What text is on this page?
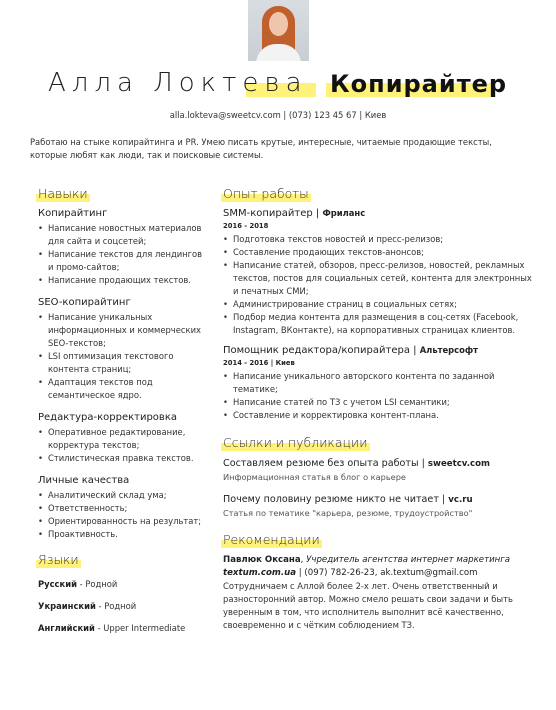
Алла Локтева Копирайтер
alla.lokteva@sweetcv.com | (073) 123 45 67 | Киев
Работаю на стыке копирайтинга и PR. Умею писать крутые, интересные, читаемые продающие тексты, которые любят как люди, так и поисковые системы.
Навыки
Копирайтинг
• Написание новостных материалов для сайта и соцсетей;
• Написание текстов для лендингов и промо-сайтов;
• Написание продающих текстов.
SEO-копирайтинг
• Написание уникальных информационных и коммерческих SEO-текстов;
• LSI оптимизация текстового контента страниц;
• Адаптация текстов под семантическое ядро.
Редактура-корректировка
• Оперативное редактирование, корректура текстов;
• Стилистическая правка текстов.
Личные качества
• Аналитический склад ума;
• Ответственность;
• Ориентированность на результат;
• Проактивность.
Языки
Русский - Родной
Украинский - Родной
Английский - Upper Intermediate
Опыт работы
SMM-копирайтер | Фриланс
2016 - 2018
• Подготовка текстов новостей и пресс-релизов;
• Составление продающих текстов-анонсов;
• Написание статей, обзоров, пресс-релизов, новостей, рекламных текстов, постов для социальных сетей, контента для электронных и печатных СМИ;
• Администрирование страниц в социальных сетях;
• Подбор медиа контента для размещения в соц-сетях (Facebook, Instagram, ВКонтакте), на корпоративных страницах клиентов.
Помощник редактора/копирайтера | Альтерсофт
2014 - 2016 | Киев
• Написание уникального авторского контента по заданной тематике;
• Написание статей по ТЗ с учетом LSI семантики;
• Составление и корректировка контент-плана.
Ссылки и публикации
Составляем резюме без опыта работы | sweetcv.com
Информационная статья в блог о карьере
Почему половину резюме никто не читает | vc.ru
Статья по тематике "карьера, резюме, трудоустройство"
Рекомендации
Павлюк Оксана, Учредитель агентства интернет маркетинга
textum.com.ua | (097) 782-26-23, ak.textum@gmail.com
Сотрудничаем с Аллой более 2-х лет. Очень ответственный и разносторонний автор. Можно смело решать свои задачи и быть уверенным в том, что исполнитель выполнит всё качественно, своевременно и с чётким соблюдением ТЗ.
